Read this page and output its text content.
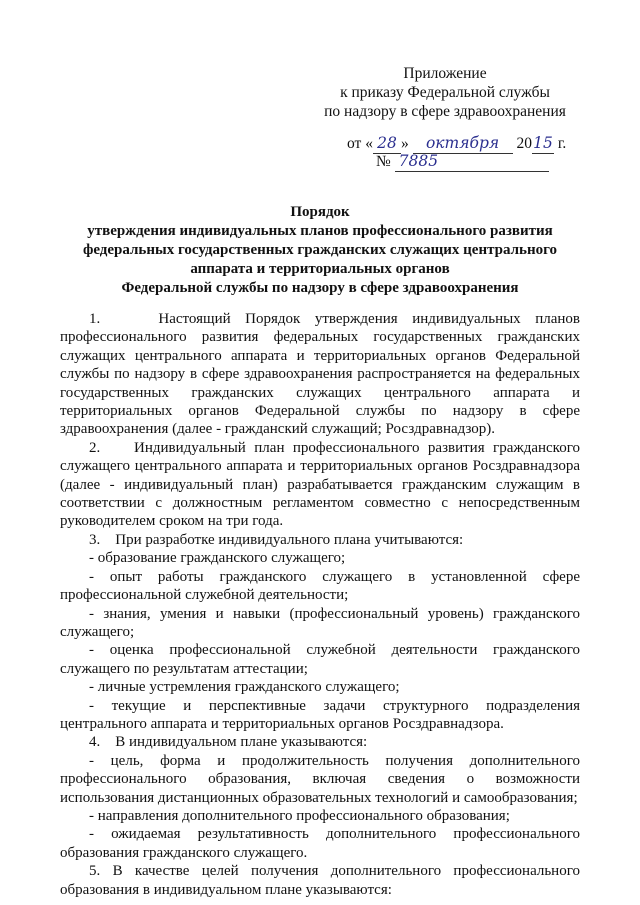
Приложение
к приказу Федеральной службы
по надзору в сфере здравоохранения
от « 28 » октября 2015 г.
№ 7885
Порядок
утверждения индивидуальных планов профессионального развития
федеральных государственных гражданских служащих центрального
аппарата и территориальных органов
Федеральной службы по надзору в сфере здравоохранения

1.    Настоящий Порядок утверждения индивидуальных планов профессионального развития федеральных государственных гражданских служащих центрального аппарата и территориальных органов Федеральной службы по надзору в сфере здравоохранения распространяется на федеральных государственных гражданских служащих центрального аппарата и территориальных органов Федеральной службы по надзору в сфере здравоохранения (далее - гражданский служащий; Росздравнадзор).

2.    Индивидуальный план профессионального развития гражданского служащего центрального аппарата и территориальных органов Росздравнадзора (далее - индивидуальный план) разрабатывается гражданским служащим в соответствии с должностным регламентом совместно с непосредственным руководителем сроком на три года.

3.    При разработке индивидуального плана учитываются:

- образование гражданского служащего;

- опыт работы гражданского служащего в установленной сфере профессиональной служебной деятельности;

- знания, умения и навыки (профессиональный уровень) гражданского служащего;

- оценка профессиональной служебной деятельности гражданского служащего по результатам аттестации;

- личные устремления гражданского служащего;

- текущие и перспективные задачи структурного подразделения центрального аппарата и территориальных органов Росздравнадзора.

4.    В индивидуальном плане указываются:

- цель, форма и продолжительность получения дополнительного профессионального образования, включая сведения о возможности использования дистанционных образовательных технологий и самообразования;

- направления дополнительного профессионального образования;

- ожидаемая результативность дополнительного профессионального образования гражданского служащего.

5. В качестве целей получения дополнительного профессионального образования в индивидуальном плане указываются:
